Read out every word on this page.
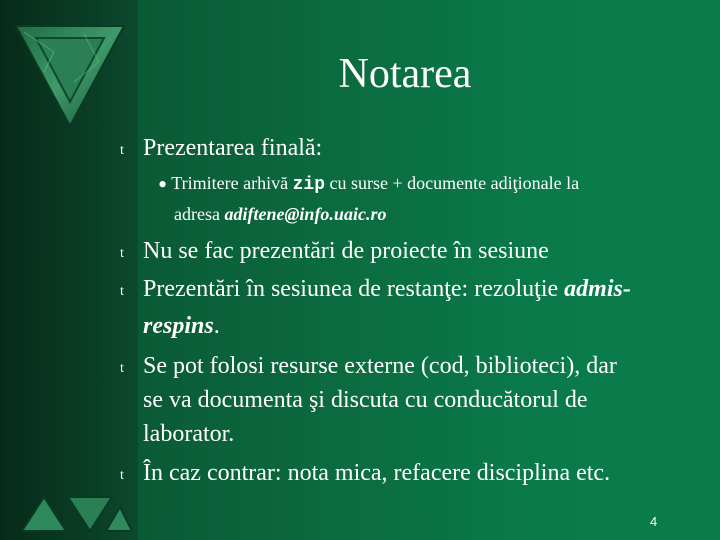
Notarea
t Prezentarea finală:
• Trimitere arhivă zip cu surse + documente adiţionale la
adresa adiftene@info.uaic.ro
t Nu se fac prezentări de proiecte în sesiune
t Prezentări în sesiunea de restanţe: rezoluţie admis-
respins.
t Se pot folosi resurse externe (cod, biblioteci), dar
se va documenta şi discuta cu conducătorul de
laborator.
t În caz contrar: nota mica, refacere disciplina etc.
4
